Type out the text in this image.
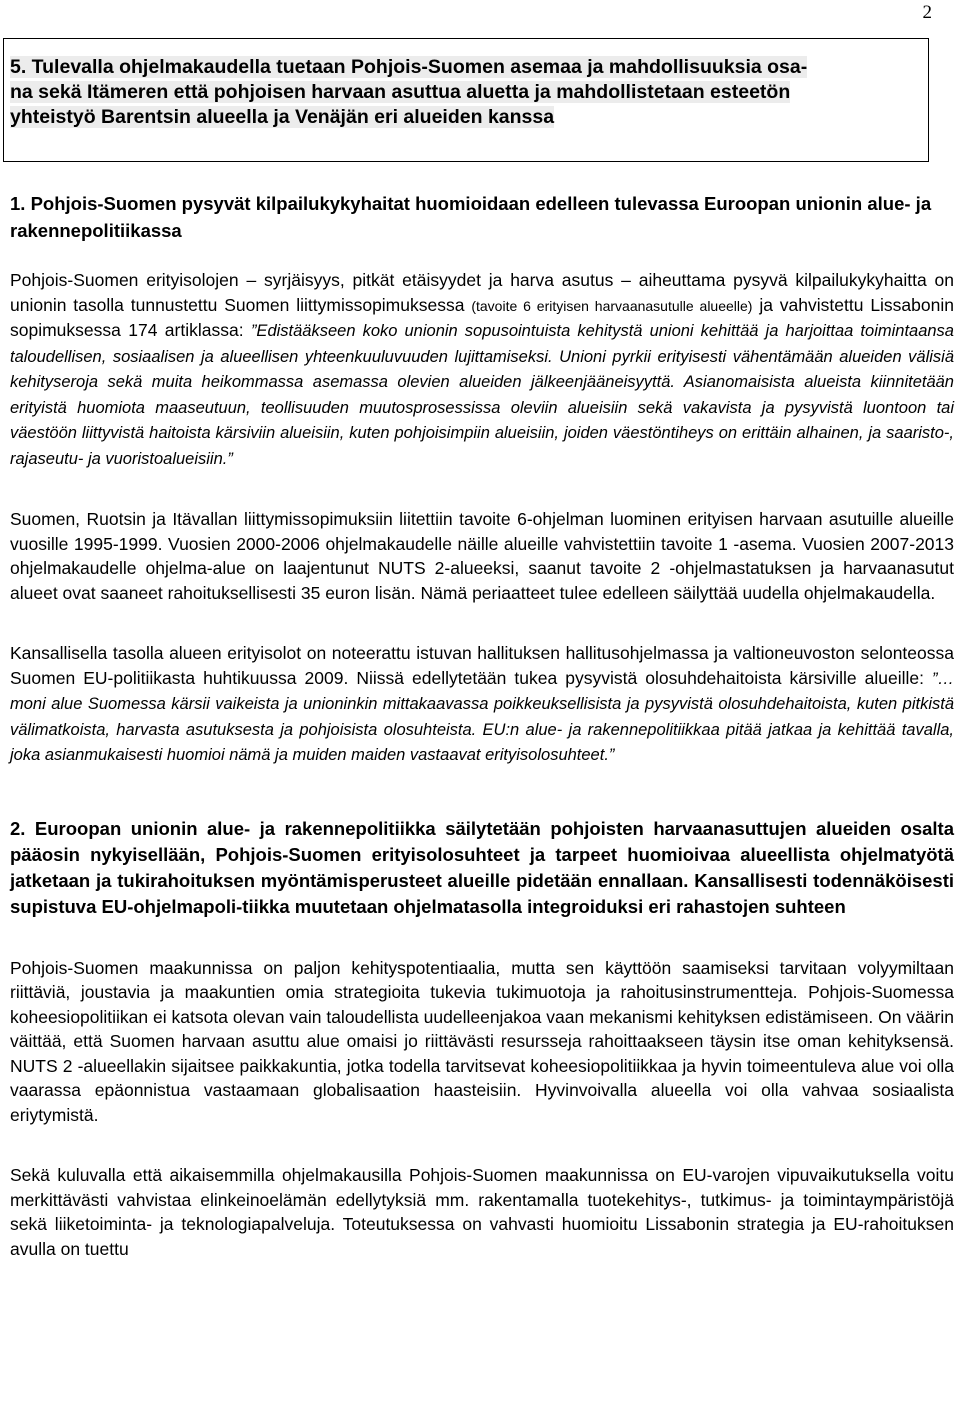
2
5. Tulevalla ohjelmakaudella tuetaan Pohjois-Suomen asemaa ja mahdollisuuksia osa-
na sekä Itämeren että pohjoisen harvaan asuttua aluetta ja mahdollistetaan esteetön
yhteistyö Barentsin alueella ja Venäjän eri alueiden kanssa

1. Pohjois-Suomen pysyvät kilpailukykyhaitat huomioidaan edelleen tulevassa Euroopan unionin alue- ja rakennepolitiikassa

Pohjois-Suomen erityisolojen – syrjäisyys, pitkät etäisyydet ja harva asutus – aiheuttama pysyvä kilpailukykyhaitta on unionin tasolla tunnustettu Suomen liittymissopimuksessa (tavoite 6 erityisen harvaanasutulle alueelle) ja vahvistettu Lissabonin sopimuksessa 174 artiklassa: ”Edistääkseen koko unionin sopusointuista kehitystä unioni kehittää ja harjoittaa toimintaansa taloudellisen, sosiaalisen ja alueellisen yhteenkuuluvuuden lujittamiseksi. Unioni pyrkii erityisesti vähentämään alueiden välisiä kehityseroja sekä muita heikommassa asemassa olevien alueiden jälkeenjääneisyyttä. Asianomaisista alueista kiinnitetään erityistä huomiota maaseutuun, teollisuuden muutosprosessissa oleviin alueisiin sekä vakavista ja pysyvistä luontoon tai väestöön liittyvistä haitoista kärsiviin alueisiin, kuten pohjoisimpiin alueisiin, joiden väestöntiheys on erittäin alhainen, ja saaristo-, rajaseutu- ja vuoristoalueisiin.”

Suomen, Ruotsin ja Itävallan liittymissopimuksiin liitettiin tavoite 6-ohjelman luominen erityisen harvaan asutuille alueille vuosille 1995-1999. Vuosien 2000-2006 ohjelmakaudelle näille alueille vahvistettiin tavoite 1 -asema. Vuosien 2007-2013 ohjelmakaudelle ohjelma-alue on laajentunut NUTS 2-alueeksi, saanut tavoite 2 -ohjelmastatuksen ja harvaanasutut alueet ovat saaneet rahoituksellisesti 35 euron lisän. Nämä periaatteet tulee edelleen säilyttää uudella ohjelmakaudella.

Kansallisella tasolla alueen erityisolot on noteerattu istuvan hallituksen hallitusohjelmassa ja valtioneuvoston selonteossa Suomen EU-politiikasta huhtikuussa 2009. Niissä edellytetään tukea pysyvistä olosuhdehaitoista kärsiville alueille: ”… moni alue Suomessa kärsii vaikeista ja unioninkin mittakaavassa poikkeuksellisista ja pysyvistä olosuhdehaitoista, kuten pitkistä välimatkoista, harvasta asutuksesta ja pohjoisista olosuhteista. EU:n alue- ja rakennepolitiikkaa pitää jatkaa ja kehittää tavalla, joka asianmukaisesti huomioi nämä ja muiden maiden vastaavat erityisolosuhteet.”

2. Euroopan unionin alue- ja rakennepolitiikka säilytetään pohjoisten harvaanasuttujen alueiden osalta pääosin nykyisellään, Pohjois-Suomen erityisolosuhteet ja tarpeet huomioivaa alueellista ohjelmatyötä jatketaan ja tukirahoituksen myöntämisperusteet alueille pidetään ennallaan. Kansallisesti todennäköisesti supistuva EU-ohjelmapoli-tiikka muutetaan ohjelmatasolla integroiduksi eri rahastojen suhteen

Pohjois-Suomen maakunnissa on paljon kehityspotentiaalia, mutta sen käyttöön saamiseksi tarvitaan volyymiltaan riittäviä, joustavia ja maakuntien omia strategioita tukevia tukimuotoja ja rahoitusinstrumentteja. Pohjois-Suomessa koheesiopolitiikan ei katsota olevan vain taloudellista uudelleenjakoa vaan mekanismi kehityksen edistämiseen. On väärin väittää, että Suomen harvaan asuttu alue omaisi jo riittävästi resursseja rahoittaakseen täysin itse oman kehityksensä. NUTS 2 -alueellakin sijaitsee paikkakuntia, jotka todella tarvitsevat koheesiopolitiikkaa ja hyvin toimeentuleva alue voi olla vaarassa epäonnistua vastaamaan globalisaation haasteisiin. Hyvinvoivalla alueella voi olla vahvaa sosiaalista eriytymistä.

Sekä kuluvalla että aikaisemmilla ohjelmakausilla Pohjois-Suomen maakunnissa on EU-varojen vipuvaikutuksella voitu merkittävästi vahvistaa elinkeinoelämän edellytyksiä mm. rakentamalla tuotekehitys-, tutkimus- ja toimintaympäristöjä sekä liiketoiminta- ja teknologiapalveluja. Toteutuksessa on vahvasti huomioitu Lissabonin strategia ja EU-rahoituksen avulla on tuettu
